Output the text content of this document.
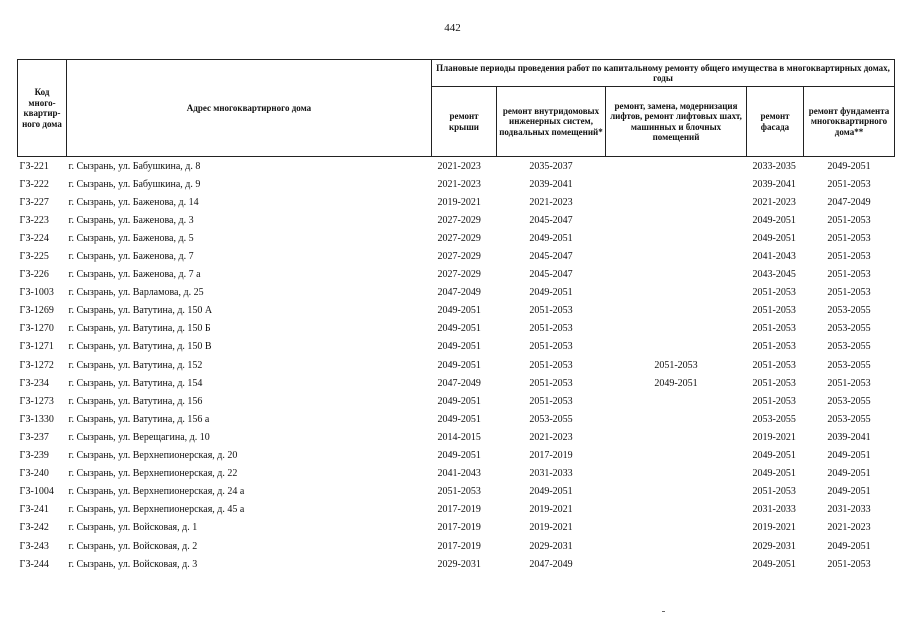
442
Код много-квартир-ного дома	Адрес многоквартирного дома	Плановые периоды проведения работ по капитальному ремонту общего имущества в многоквартирных домах, годы				
		ремонт крыши	ремонт внутридомовых инженерных систем, подвальных помещений*	ремонт, замена, модернизация лифтов, ремонт лифтовых шахт, машинных и блочных помещений	ремонт фасада	ремонт фундамента многоквартирного дома**
ГЗ-221	г. Сызрань, ул. Бабушкина, д. 8	2021-2023	2035-2037		2033-2035	2049-2051
ГЗ-222	г. Сызрань, ул. Бабушкина, д. 9	2021-2023	2039-2041		2039-2041	2051-2053
ГЗ-227	г. Сызрань, ул. Баженова, д. 14	2019-2021	2021-2023		2021-2023	2047-2049
ГЗ-223	г. Сызрань, ул. Баженова, д. 3	2027-2029	2045-2047		2049-2051	2051-2053
ГЗ-224	г. Сызрань, ул. Баженова, д. 5	2027-2029	2049-2051		2049-2051	2051-2053
ГЗ-225	г. Сызрань, ул. Баженова, д. 7	2027-2029	2045-2047		2041-2043	2051-2053
ГЗ-226	г. Сызрань, ул. Баженова, д. 7 а	2027-2029	2045-2047		2043-2045	2051-2053
ГЗ-1003	г. Сызрань, ул. Варламова, д. 25	2047-2049	2049-2051		2051-2053	2051-2053
ГЗ-1269	г. Сызрань, ул. Ватутина, д. 150 А	2049-2051	2051-2053		2051-2053	2053-2055
ГЗ-1270	г. Сызрань, ул. Ватутина, д. 150 Б	2049-2051	2051-2053		2051-2053	2053-2055
ГЗ-1271	г. Сызрань, ул. Ватутина, д. 150 В	2049-2051	2051-2053		2051-2053	2053-2055
ГЗ-1272	г. Сызрань, ул. Ватутина, д. 152	2049-2051	2051-2053	2051-2053	2051-2053	2053-2055
ГЗ-234	г. Сызрань, ул. Ватутина, д. 154	2047-2049	2051-2053	2049-2051	2051-2053	2051-2053
ГЗ-1273	г. Сызрань, ул. Ватутина, д. 156	2049-2051	2051-2053		2051-2053	2053-2055
ГЗ-1330	г. Сызрань, ул. Ватутина, д. 156 а	2049-2051	2053-2055		2053-2055	2053-2055
ГЗ-237	г. Сызрань, ул. Верещагина, д. 10	2014-2015	2021-2023		2019-2021	2039-2041
ГЗ-239	г. Сызрань, ул. Верхнепионерская, д. 20	2049-2051	2017-2019		2049-2051	2049-2051
ГЗ-240	г. Сызрань, ул. Верхнепионерская, д. 22	2041-2043	2031-2033		2049-2051	2049-2051
ГЗ-1004	г. Сызрань, ул. Верхнепионерская, д. 24 а	2051-2053	2049-2051		2051-2053	2049-2051
ГЗ-241	г. Сызрань, ул. Верхнепионерская, д. 45 а	2017-2019	2019-2021		2031-2033	2031-2033
ГЗ-242	г. Сызрань, ул. Войсковая, д. 1	2017-2019	2019-2021		2019-2021	2021-2023
ГЗ-243	г. Сызрань, ул. Войсковая, д. 2	2017-2019	2029-2031		2029-2031	2049-2051
ГЗ-244	г. Сызрань, ул. Войсковая, д. 3	2029-2031	2047-2049		2049-2051	2051-2053
